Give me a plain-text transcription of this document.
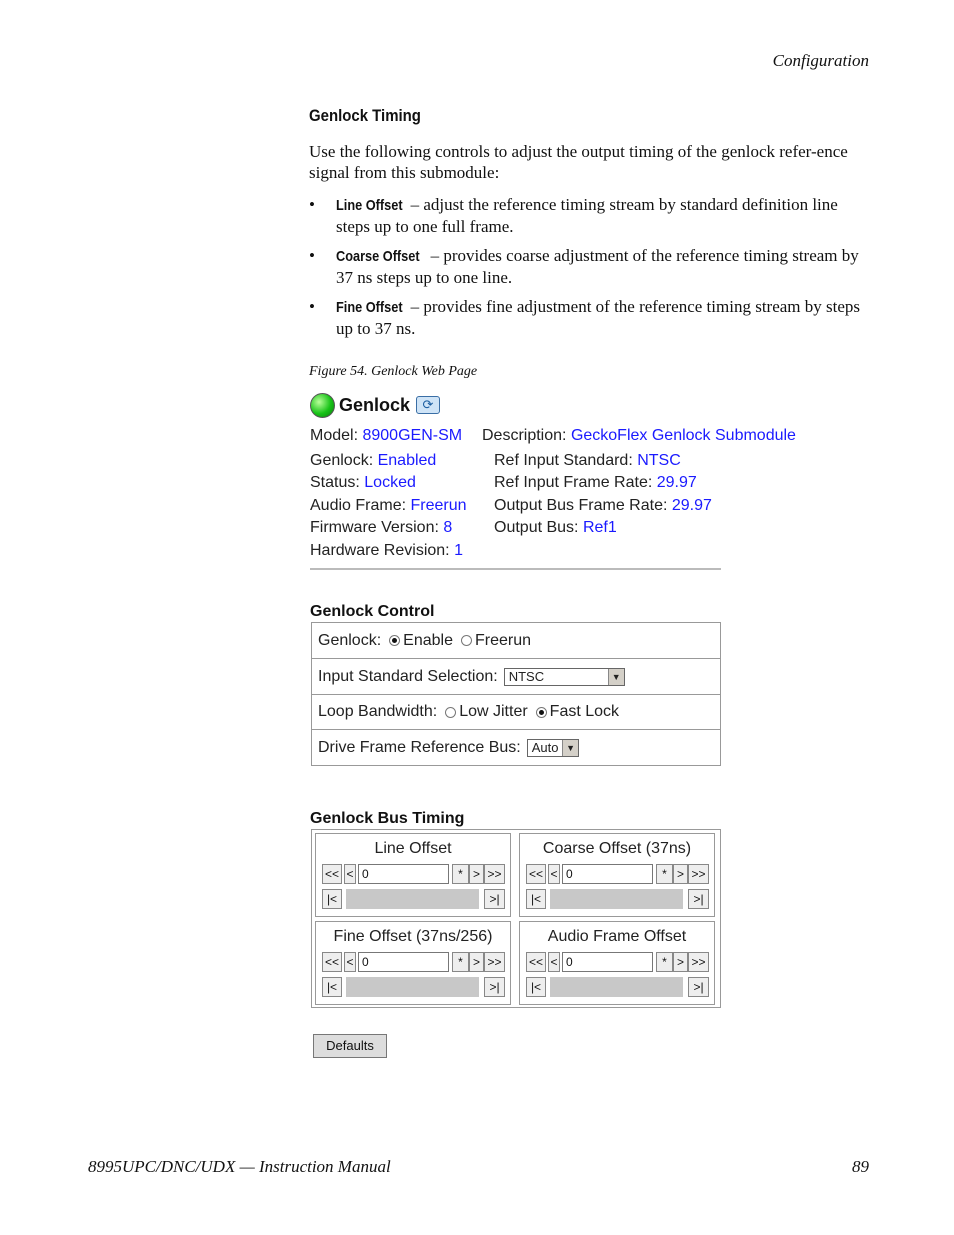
Configuration
Genlock Timing
Use the following controls to adjust the output timing of the genlock refer-ence signal from this submodule:
• Line Offset – adjust the reference timing stream by standard definition line steps up to one full frame.
• Coarse Offset – provides coarse adjustment of the reference timing stream by 37 ns steps up to one line.
• Fine Offset – provides fine adjustment of the reference timing stream by steps up to 37 ns.
Figure 54. Genlock Web Page
Genlock ⟳
Model: 8900GEN-SM
Genlock: Enabled
Status: Locked
Audio Frame: Freerun
Firmware Version: 8
Hardware Revision: 1
Description: GeckoFlex Genlock Submodule
Ref Input Standard: NTSC
Ref Input Frame Rate: 29.97
Output Bus Frame Rate: 29.97
Output Bus: Ref1
Genlock Control
Genlock: Enable Freerun
Input Standard Selection: NTSC	▼
Loop Bandwidth: Low Jitter Fast Lock
Drive Frame Reference Bus: Auto ▼
Genlock Bus Timing
Line Offset
<< < 0	* > >>
|<	>|
Coarse Offset (37ns)
<< < 0	* > >>
|<	>|
Fine Offset (37ns/256)
<< < 0	* > >>
|<	>|
Audio Frame Offset
<< < 0	* > >>
|<	>|
Defaults
8995UPC/DNC/UDX — Instruction Manual	89
